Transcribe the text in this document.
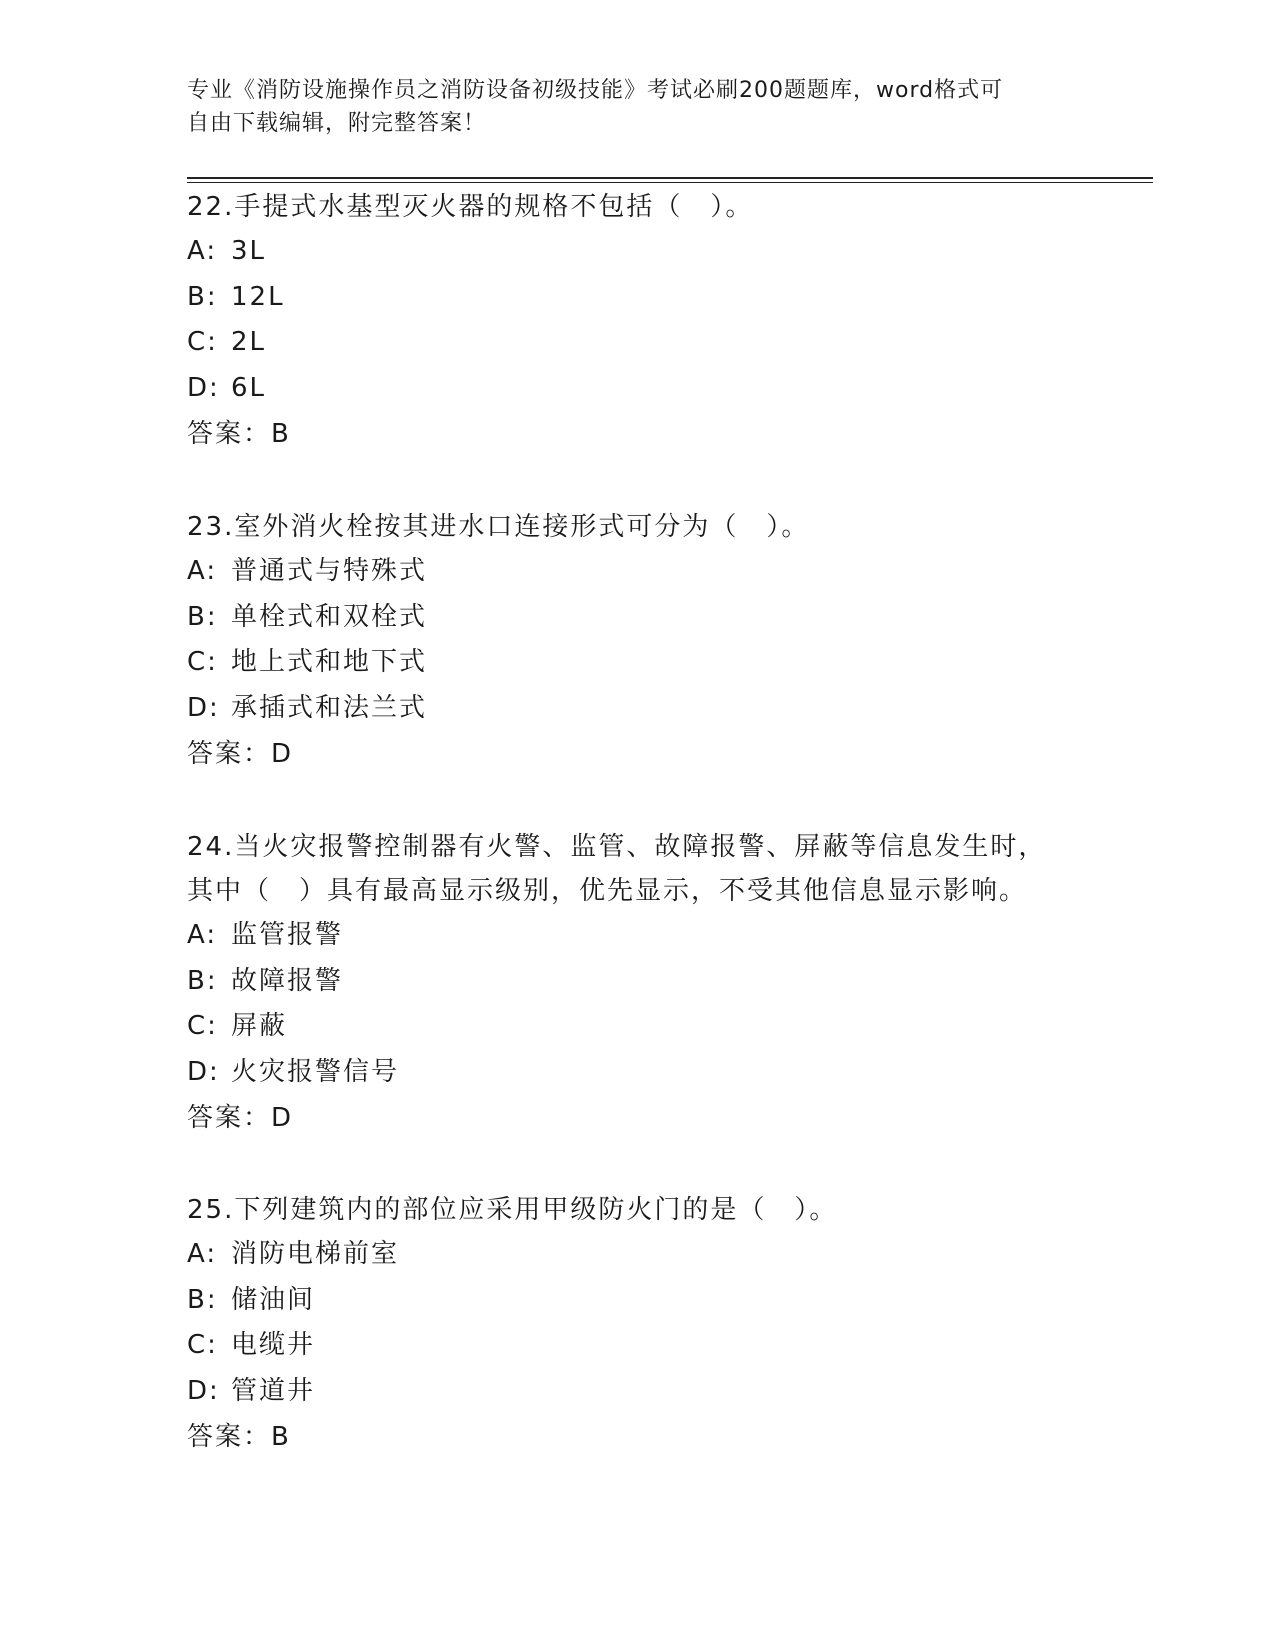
专业《消防设施操作员之消防设备初级技能》考试必刷200题题库，word格式可
自由下载编辑，附完整答案！
22.手提式水基型灭火器的规格不包括（　）。
A: 3L
B: 12L
C: 2L
D: 6L
答案：B
23.室外消火栓按其进水口连接形式可分为（　）。
A: 普通式与特殊式
B: 单栓式和双栓式
C: 地上式和地下式
D: 承插式和法兰式
答案：D
24.当火灾报警控制器有火警、监管、故障报警、屏蔽等信息发生时，
其中（　）具有最高显示级别，优先显示，不受其他信息显示影响。
A: 监管报警
B: 故障报警
C: 屏蔽
D: 火灾报警信号
答案：D
25.下列建筑内的部位应采用甲级防火门的是（　）。
A: 消防电梯前室
B: 储油间
C: 电缆井
D: 管道井
答案：B
